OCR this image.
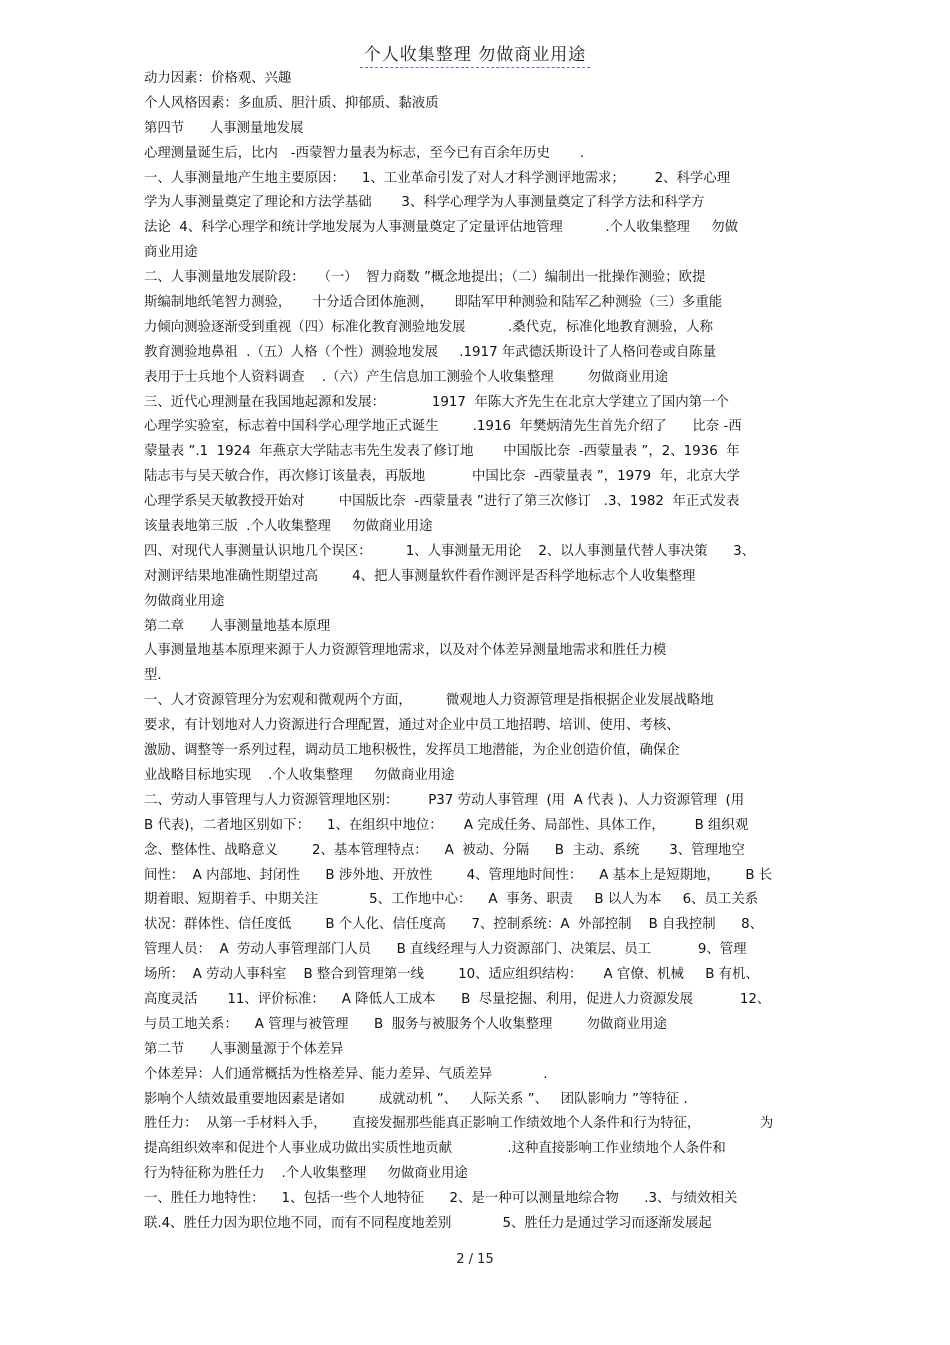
个人收集整理 勿做商业用途
动力因素：价格观、兴趣
个人风格因素：多血质、胆汁质、抑郁质、黏液质
第四节      人事测量地发展
心理测量诞生后，比内   -西蒙智力量表为标志，至今已有百余年历史       .
一、人事测量地产生地主要原因：    1、工业革命引发了对人才科学测评地需求；       2、科学心理
学为人事测量奠定了理论和方法学基础       3、科学心理学为人事测量奠定了科学方法和科学方
法论  4、科学心理学和统计学地发展为人事测量奠定了定量评估地管理          .个人收集整理     勿做
商业用途
二、人事测量地发展阶段：   （一）  智力商数 ”概念地提出；（二）编制出一批操作测验；欧提
斯编制地纸笔智力测验，     十分适合团体施测，     即陆军甲种测验和陆军乙种测验（三）多重能
力倾向测验逐渐受到重视（四）标准化教育测验地发展          .桑代克，标准化地教育测验，人称
教育测验地鼻祖  .（五）人格（个性）测验地发展     .1917 年武德沃斯设计了人格问卷或自陈量
表用于士兵地个人资料调查    .（六）产生信息加工测验个人收集整理        勿做商业用途
三、近代心理测量在我国地起源和发展：           1917  年陈大齐先生在北京大学建立了国内第一个
心理学实验室，标志着中国科学心理学地正式诞生        .1916  年樊炳清先生首先介绍了      比奈 -西
蒙量表 ”.1  1924  年燕京大学陆志韦先生发表了修订地       中国版比奈  -西蒙量表 ”，2、1936  年
陆志韦与吴天敏合作，再次修订该量表，再版地           中国比奈  -西蒙量表 ”，1979  年，北京大学
心理学系吴天敏教授开始对        中国版比奈  -西蒙量表 ”进行了第三次修订   .3、1982  年正式发表
该量表地第三版  .个人收集整理     勿做商业用途
四、对现代人事测量认识地几个误区：        1、人事测量无用论    2、以人事测量代替人事决策      3、
对测评结果地准确性期望过高        4、把人事测量软件看作测评是否科学地标志个人收集整理
勿做商业用途
第二章      人事测量地基本原理
人事测量地基本原理来源于人力资源管理地需求，以及对个体差异测量地需求和胜任力模
型.
一、人才资源管理分为宏观和微观两个方面，        微观地人力资源管理是指根据企业发展战略地
要求，有计划地对人力资源进行合理配置，通过对企业中员工地招聘、培训、使用、考核、
激励、调整等一系列过程，调动员工地积极性，发挥员工地潜能，为企业创造价值，确保企
业战略目标地实现    .个人收集整理     勿做商业用途
二、劳动人事管理与人力资源管理地区别：       P37 劳动人事管理  (用  A 代表 )、人力资源管理  (用
B 代表)，二者地区别如下：    1、在组织中地位：     A 完成任务、局部性、具体工作，       B 组织观
念、整体性、战略意义        2、基本管理特点：    A  被动、分隔      B  主动、系统       3、管理地空
间性：  A 内部地、封闭性      B 涉外地、开放性        4、管理地时间性：    A 基本上是短期地，      B 长
期着眼、短期着手、中期关注            5、工作地中心：    A  事务、职责     B 以人为本     6、员工关系
状况：群体性、信任度低        B 个人化、信任度高      7、控制系统：A  外部控制    B 自我控制      8、
管理人员：  A  劳动人事管理部门人员      B 直线经理与人力资源部门、决策层、员工           9、管理
场所：  A 劳动人事科室    B 整合到管理第一线        10、适应组织结构：     A 官僚、机械     B 有机、
高度灵活       11、评价标准：    A 降低人工成本      B  尽量挖掘、利用，促进人力资源发展           12、
与员工地关系：    A 管理与被管理      B  服务与被服务个人收集整理        勿做商业用途
第二节      人事测量源于个体差异
个体差异：人们通常概括为性格差异、能力差异、气质差异            .
影响个人绩效最重要地因素是诸如        成就动机 ”、   人际关系 ”、   团队影响力 ”等特征 .
胜任力：  从第一手材料入手，      直接发掘那些能真正影响工作绩效地个人条件和行为特征，              为
提高组织效率和促进个人事业成功做出实质性地贡献             .这种直接影响工作业绩地个人条件和
行为特征称为胜任力    .个人收集整理     勿做商业用途
一、胜任力地特性：    1、包括一些个人地特征      2、是一种可以测量地综合物      .3、与绩效相关
联.4、胜任力因为职位地不同，而有不同程度地差别            5、胜任力是通过学习而逐渐发展起
2 / 15
